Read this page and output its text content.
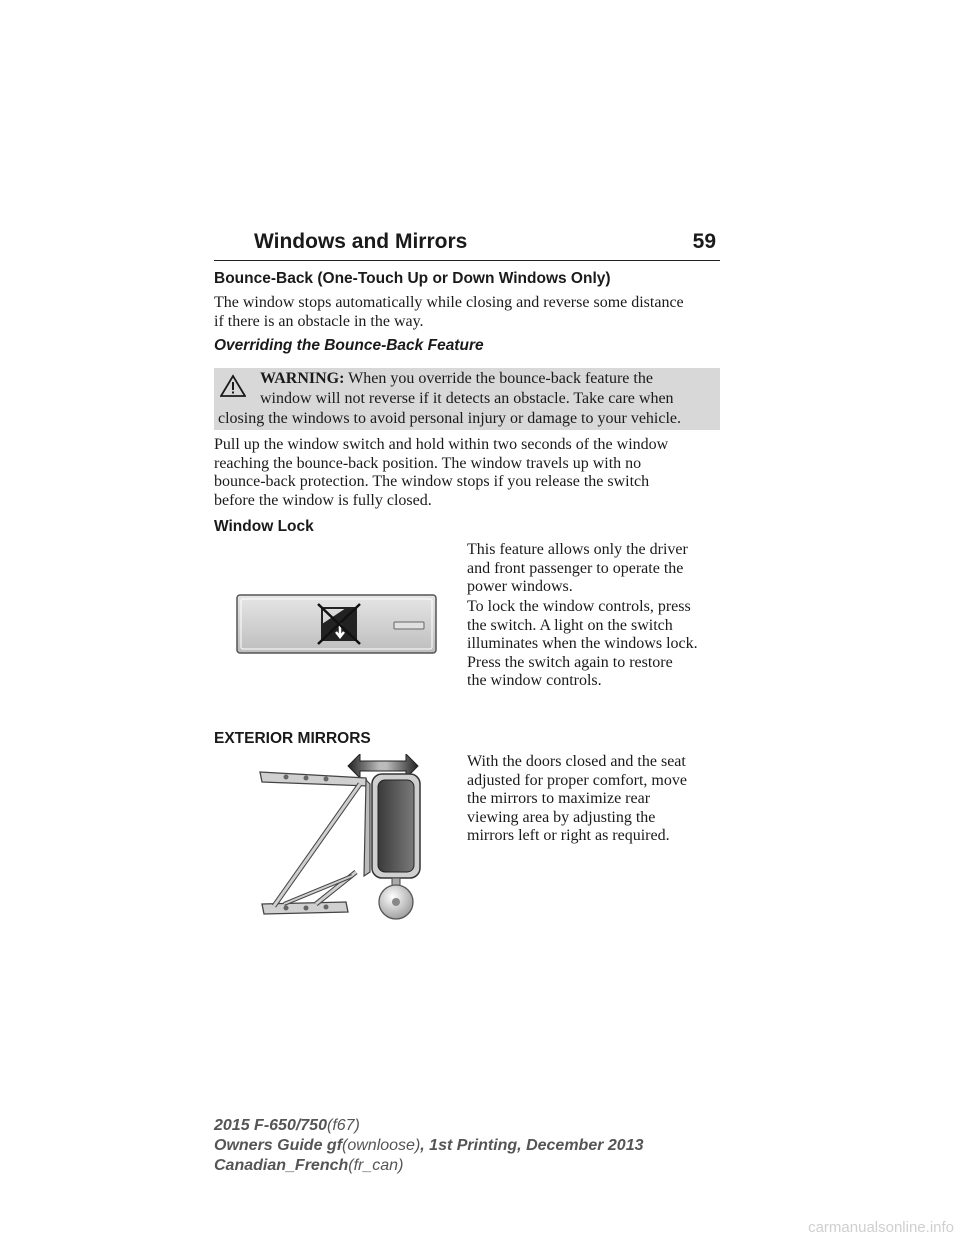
Windows and Mirrors	59
Bounce-Back (One-Touch Up or Down Windows Only)
The window stops automatically while closing and reverse some distance
if there is an obstacle in the way.
Overriding the Bounce-Back Feature
WARNING: When you override the bounce-back feature the
window will not reverse if it detects an obstacle. Take care when
closing the windows to avoid personal injury or damage to your vehicle.
Pull up the window switch and hold within two seconds of the window
reaching the bounce-back position. The window travels up with no
bounce-back protection. The window stops if you release the switch
before the window is fully closed.
Window Lock
This feature allows only the driver
and front passenger to operate the
power windows.
To lock the window controls, press
the switch. A light on the switch
illuminates when the windows lock.
Press the switch again to restore
the window controls.
EXTERIOR MIRRORS
With the doors closed and the seat
adjusted for proper comfort, move
the mirrors to maximize rear
viewing area by adjusting the
mirrors left or right as required.
2015 F-650/750(f67)
Owners Guide gf(ownloose), 1st Printing, December 2013
Canadian_French(fr_can)
carmanualsonline.info
